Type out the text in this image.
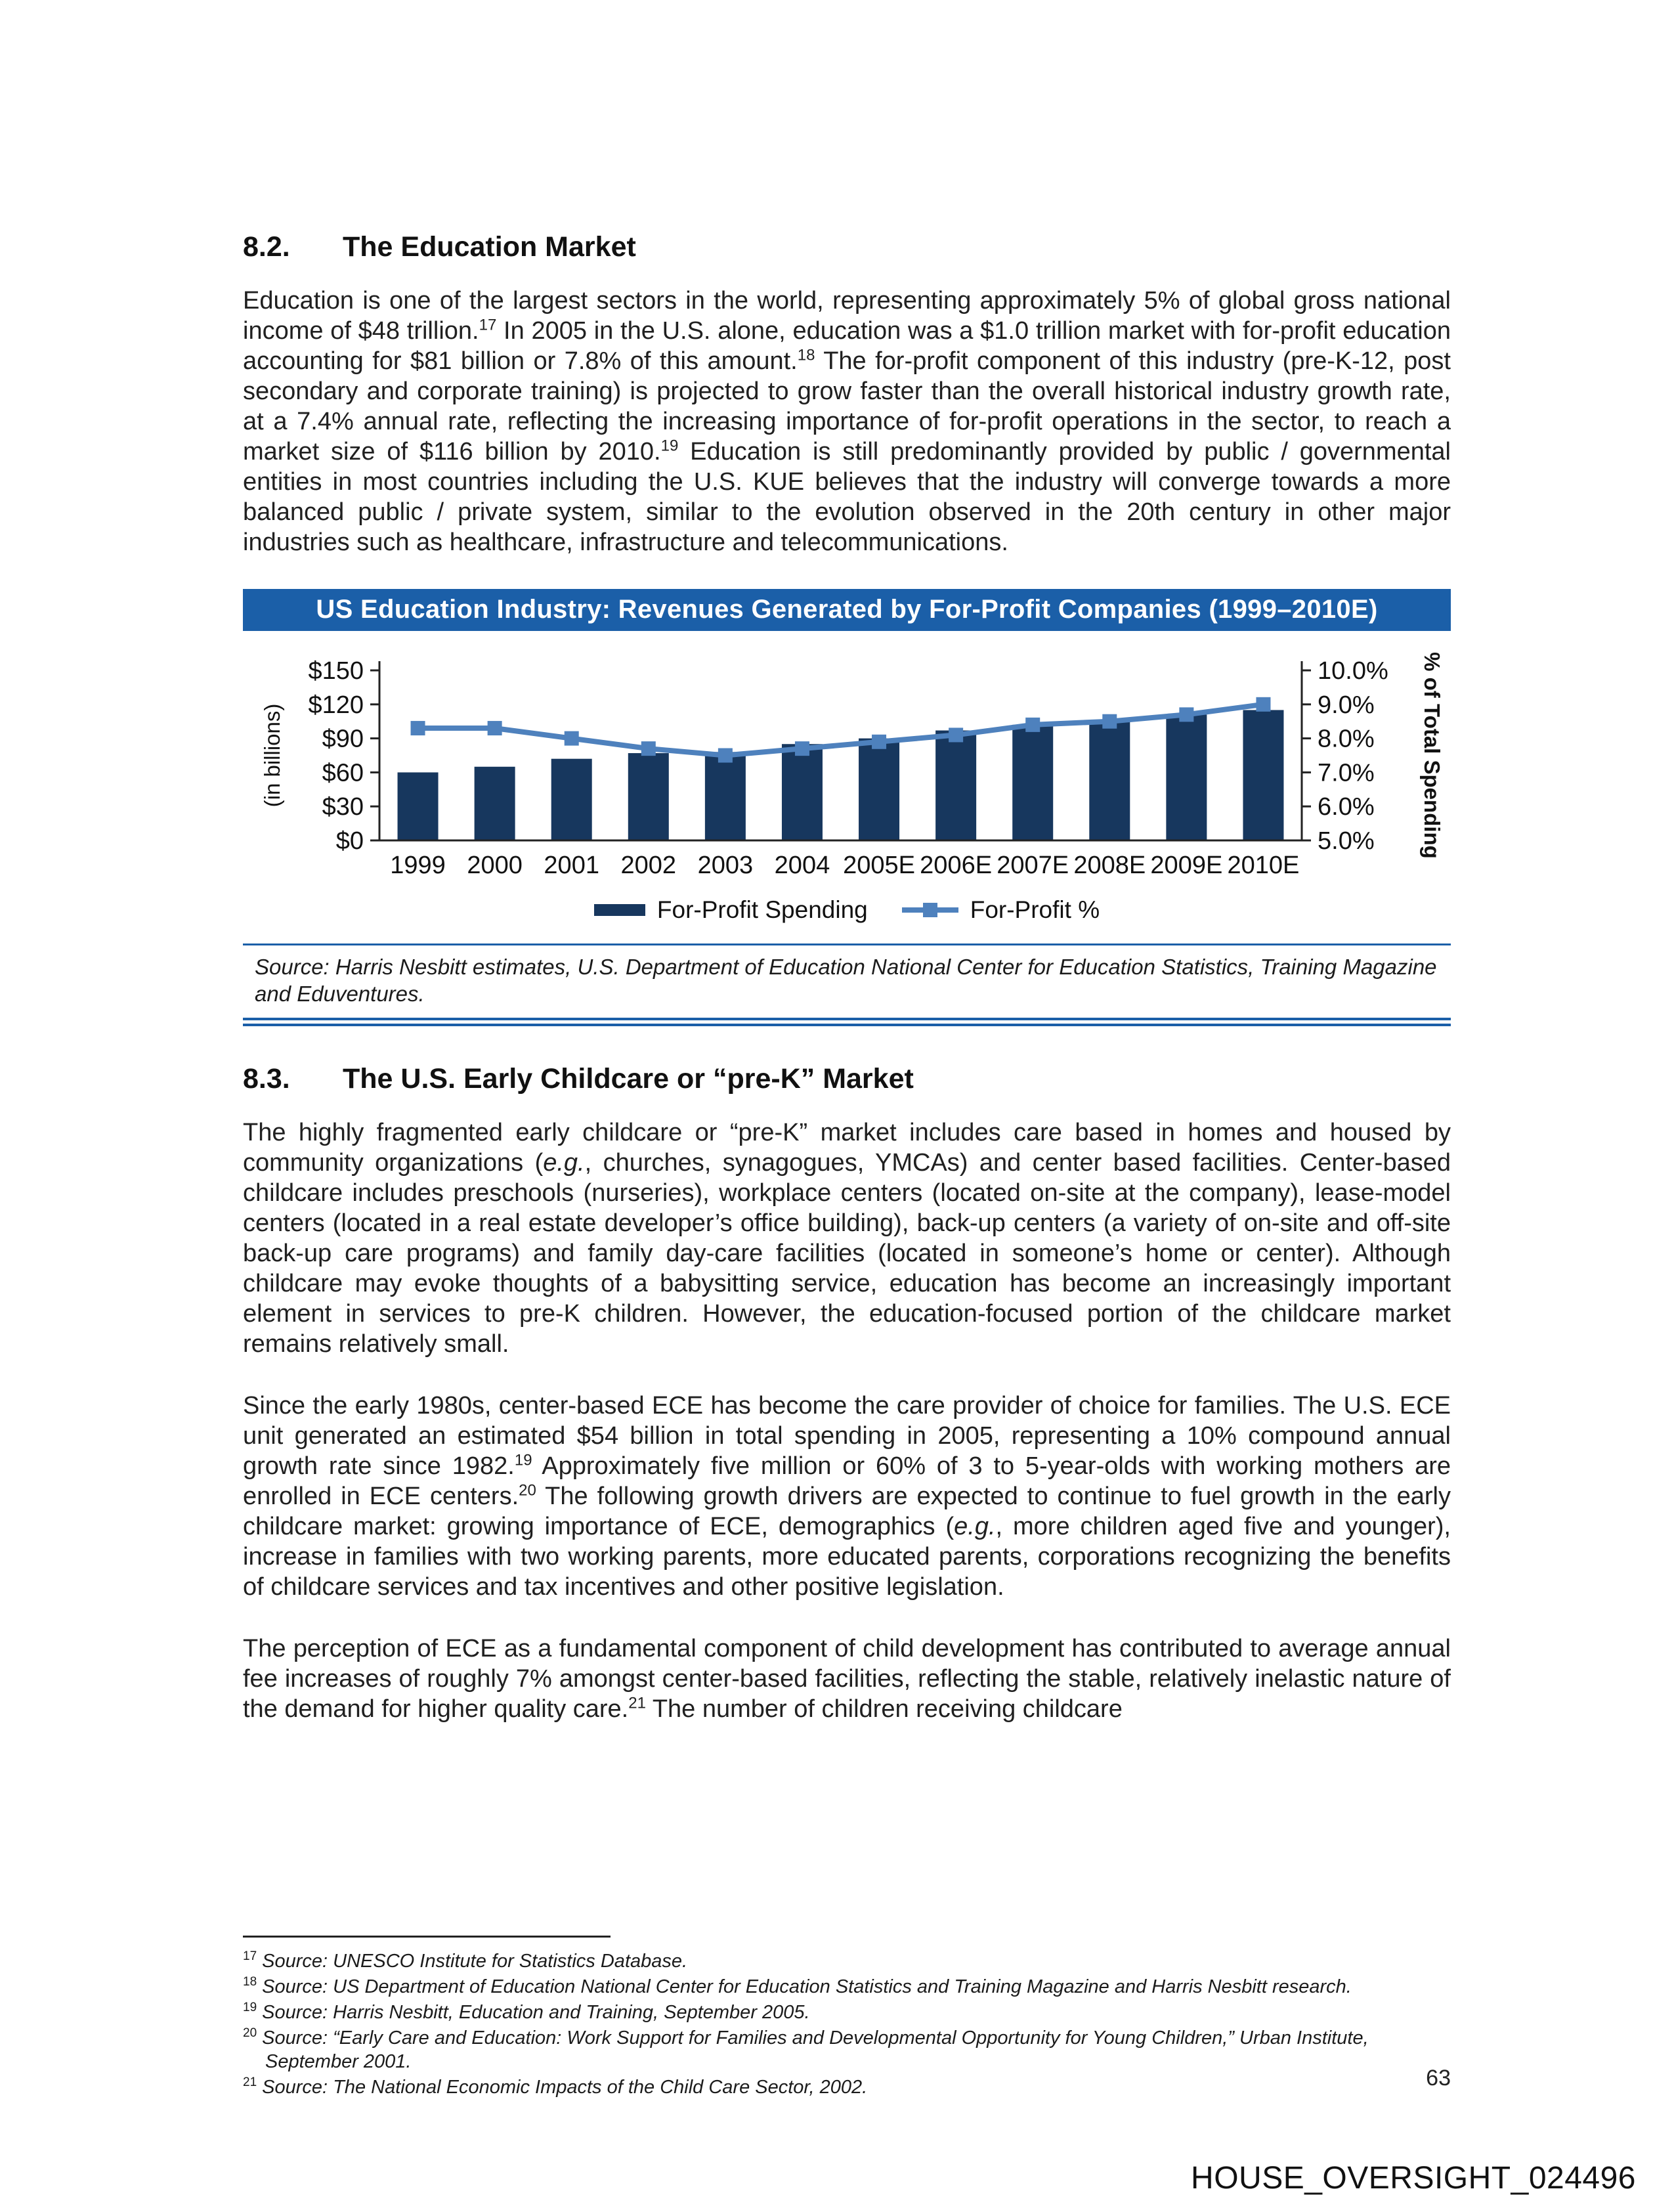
8.2. The Education Market

Education is one of the largest sectors in the world, representing approximately 5% of global gross national income of $48 trillion.$^{17}$ In 2005 in the U.S. alone, education was a $1.0 trillion market with for-profit education accounting for $81 billion or 7.8% of this amount.$^{18}$ The for-profit component of this industry (pre-K-12, post secondary and corporate training) is projected to grow faster than the overall historical industry growth rate, at a 7.4% annual rate, reflecting the increasing importance of for-profit operations in the sector, to reach a market size of $116 billion by 2010.19 Education is still predominantly provided by public / governmental entities in most countries including the U.S. KUE believes that the industry will converge towards a more balanced public / private system, similar to the evolution observed in the 20th century in other major industries such as healthcare, infrastructure and telecommunications.

US Education Industry: Revenues Generated by For-Profit Companies (1999–2010E)
$150	10.0%
$120	9.0%
$90	8.0%
$60	7.0%
$30	6.0%
$0	5.0%
1999 2000 2001 2002 2003 2004 2005E 2006E 2007E 2008E 2009E 2010E
(in billions)	% of Total Spending
For-Profit Spending	For-Profit %
Source: Harris Nesbitt estimates, U.S. Department of Education National Center for Education Statistics, Training Magazine and Eduventures.
8.3. The U.S. Early Childcare or “pre-K” Market

The highly fragmented early childcare or “pre-K” market includes care based in homes and housed by community organizations (e.g., churches, synagogues, YMCAs) and center based facilities. Center-based childcare includes preschools (nurseries), workplace centers (located on-site at the company), lease-model centers (located in a real estate developer’s office building), back-up centers (a variety of on-site and off-site back-up care programs) and family day-care facilities (located in someone’s home or center). Although childcare may evoke thoughts of a babysitting service, education has become an increasingly important element in services to pre-K children. However, the education-focused portion of the childcare market remains relatively small.

Since the early 1980s, center-based ECE has become the care provider of choice for families. The U.S. ECE unit generated an estimated $54 billion in total spending in 2005, representing a 10% compound annual growth rate since 1982.19 Approximately five million or 60% of 3 to 5-year-olds with working mothers are enrolled in ECE centers.$^{20}$ The following growth drivers are expected to continue to fuel growth in the early childcare market: growing importance of ECE, demographics (e.g., more children aged five and younger), increase in families with two working parents, more educated parents, corporations recognizing the benefits of childcare services and tax incentives and other positive legislation.

The perception of ECE as a fundamental component of child development has contributed to average annual fee increases of roughly 7% amongst center-based facilities, reflecting the stable, relatively inelastic nature of the demand for higher quality care.$^{21}$ The number of children receiving childcare

$^{17}$ Source: UNESCO Institute for Statistics Database.
$^{18}$ Source: US Department of Education National Center for Education Statistics and Training Magazine and Harris Nesbitt research.
$^{19}$ Source: Harris Nesbitt, Education and Training, September 2005.
$^{20}$ Source: “Early Care and Education: Work Support for Families and Developmental Opportunity for Young Children,” Urban Institute, September 2001.
$^{21}$ Source: The National Economic Impacts of the Child Care Sector, 2002.	63
HOUSE_OVERSIGHT_024496
